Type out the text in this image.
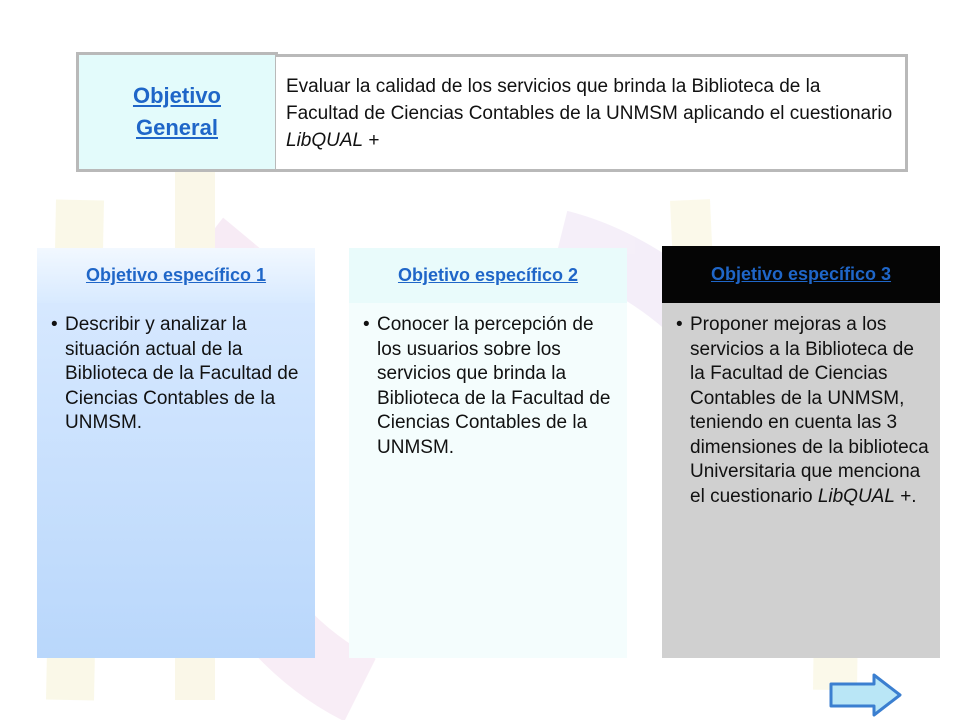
Objetivo
General
Evaluar la calidad de los servicios que brinda la Biblioteca de la Facultad de Ciencias Contables de la UNMSM aplicando el cuestionario LibQUAL +
Objetivo específico 1
• Describir y analizar la situación actual de la Biblioteca de la Facultad de Ciencias Contables de la UNMSM.
Objetivo específico 2
• Conocer la percepción de los usuarios sobre los servicios que brinda la Biblioteca de la Facultad de Ciencias Contables de la UNMSM.
Objetivo específico 3
• Proponer mejoras a los servicios a la Biblioteca de la Facultad de Ciencias Contables de la UNMSM, teniendo en cuenta las 3 dimensiones de la biblioteca Universitaria que menciona el cuestionario LibQUAL +.
